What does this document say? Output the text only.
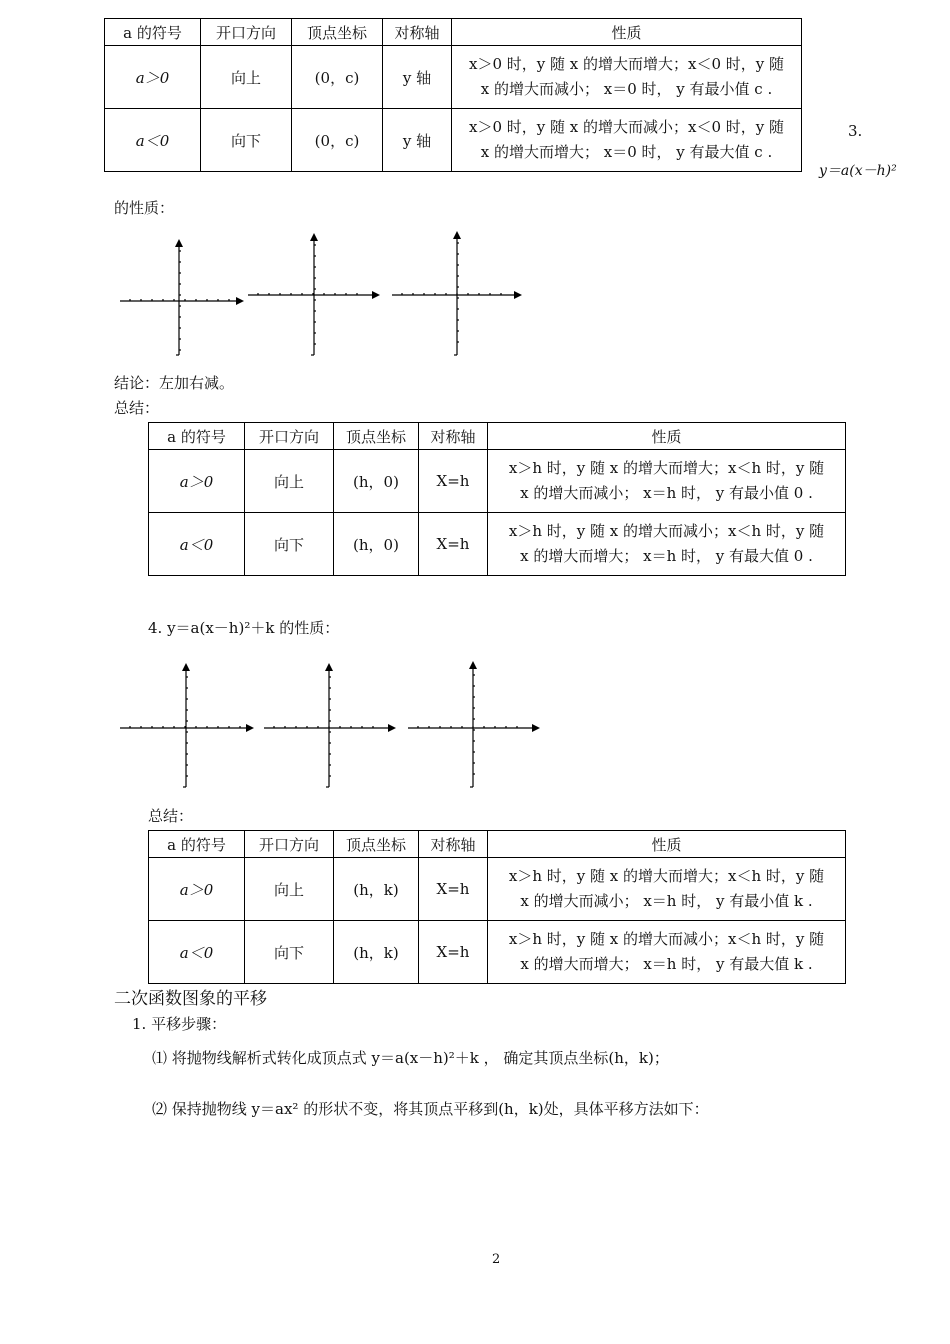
a 的符号	开口方向	顶点坐标	对称轴	性质
a＞0	向上	(0，c)	y 轴	x＞0 时，y 随 x 的增大而增大；x＜0 时，y 随
x 的增大而减小； x＝0 时， y 有最小值 c .

a＜0	向下	(0，c)	y 轴	x＞0 时，y 随 x 的增大而减小；x＜0 时，y 随
x 的增大而增大； x＝0 时， y 有最大值 c .
3.
y＝a(x－h)²
的性质：
结论：左加右减。
总结：
a 的符号	开口方向	顶点坐标	对称轴	性质
a＞0	向上	(h，0)	X=h	x＞h 时，y 随 x 的增大而增大；x＜h 时，y 随
x 的增大而减小； x＝h 时， y 有最小值 0 .

a＜0	向下	(h，0)	X=h	x＞h 时，y 随 x 的增大而减小；x＜h 时，y 随
x 的增大而增大； x＝h 时， y 有最大值 0 .
4. y＝a(x－h)²＋k 的性质：
总结：
a 的符号	开口方向	顶点坐标	对称轴	性质
a＞0	向上	(h，k)	X=h	x＞h 时，y 随 x 的增大而增大；x＜h 时，y 随
x 的增大而减小； x＝h 时， y 有最小值 k .

a＜0	向下	(h，k)	X=h	x＞h 时，y 随 x 的增大而减小；x＜h 时，y 随
x 的增大而增大； x＝h 时， y 有最大值 k .
二次函数图象的平移
1. 平移步骤：
⑴ 将抛物线解析式转化成顶点式 y＝a(x－h)²＋k ， 确定其顶点坐标(h，k)；
⑵ 保持抛物线 y＝ax² 的形状不变，将其顶点平移到(h，k)处，具体平移方法如下：
2
